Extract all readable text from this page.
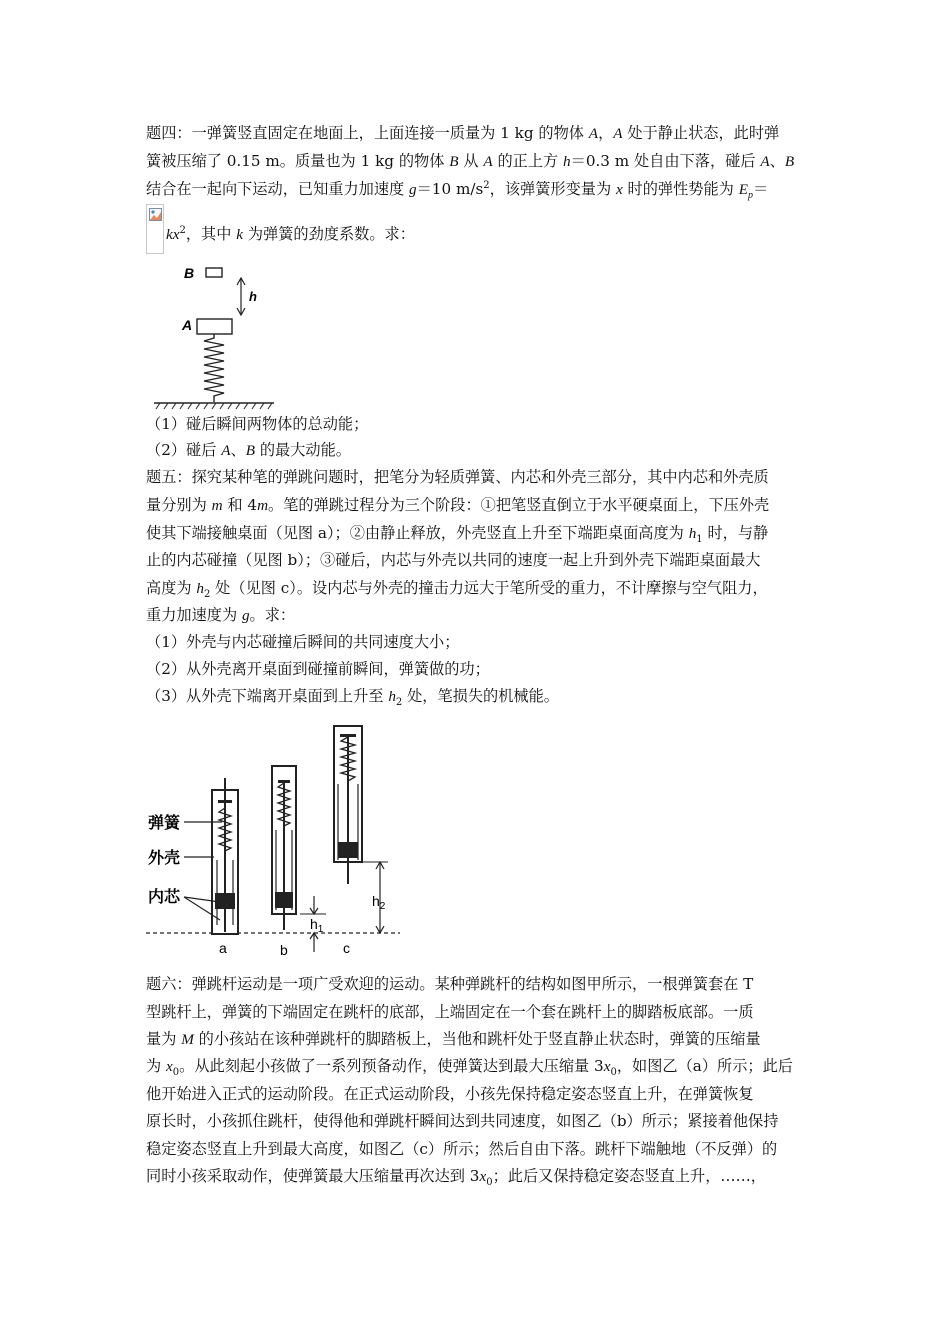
题四：一弹簧竖直固定在地面上，上面连接一质量为 1 kg 的物体 A，A 处于静止状态，此时弹
簧被压缩了 0.15 m。质量也为 1 kg 的物体 B 从 A 的正上方 h＝0.3 m 处自由下落，碰后 A、B
结合在一起向下运动，已知重力加速度 g＝10 $m/s^2$，该弹簧形变量为 x 时的弹性势能为 $E_p=$
$kx^2$，其中 k 为弹簧的劲度系数。求：
B
h
A
（1）碰后瞬间两物体的总动能；
（2）碰后 A、B 的最大动能。
题五：探究某种笔的弹跳问题时，把笔分为轻质弹簧、内芯和外壳三部分，其中内芯和外壳质
量分别为 m 和 4m。笔的弹跳过程分为三个阶段：①把笔竖直倒立于水平硬桌面上，下压外壳
使其下端接触桌面（见图 a）；②由静止释放，外壳竖直上升至下端距桌面高度为 $h_1$ 时，与静
止的内芯碰撞（见图 b）；③碰后，内芯与外壳以共同的速度一起上升到外壳下端距桌面最大
高度为 $h_2$ 处（见图 c）。设内芯与外壳的撞击力远大于笔所受的重力，不计摩擦与空气阻力，
重力加速度为 g。求：
（1）外壳与内芯碰撞后瞬间的共同速度大小；
（2）从外壳离开桌面到碰撞前瞬间，弹簧做的功；
（3）从外壳下端离开桌面到上升至 $h_2$ 处，笔损失的机械能。
弹簧
外壳
内芯
a	b
$h_1$
c
$h_2$
题六：弹跳杆运动是一项广受欢迎的运动。某种弹跳杆的结构如图甲所示，一根弹簧套在 T
型跳杆上，弹簧的下端固定在跳杆的底部，上端固定在一个套在跳杆上的脚踏板底部。一质
量为 M 的小孩站在该种弹跳杆的脚踏板上，当他和跳杆处于竖直静止状态时，弹簧的压缩量
为 $x_0$。从此刻起小孩做了一系列预备动作，使弹簧达到最大压缩量 $3x_0$，如图乙（a）所示；此后
他开始进入正式的运动阶段。在正式运动阶段，小孩先保持稳定姿态竖直上升，在弹簧恢复
原长时，小孩抓住跳杆，使得他和弹跳杆瞬间达到共同速度，如图乙（b）所示；紧接着他保持
稳定姿态竖直上升到最大高度，如图乙（c）所示；然后自由下落。跳杆下端触地（不反弹）的
同时小孩采取动作，使弹簧最大压缩量再次达到 $3x_0$；此后又保持稳定姿态竖直上升，……，
